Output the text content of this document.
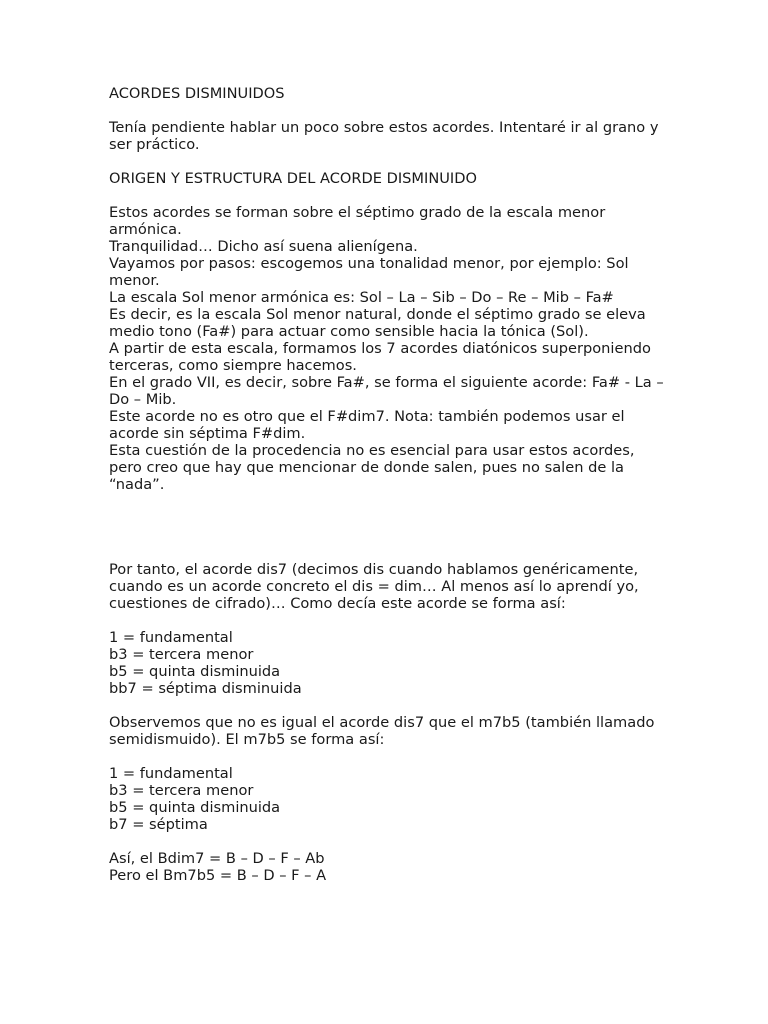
ACORDES DISMINUIDOS

Tenía pendiente hablar un poco sobre estos acordes. Intentaré ir al grano y ser práctico.

ORIGEN Y ESTRUCTURA DEL ACORDE DISMINUIDO

Estos acordes se forman sobre el séptimo grado de la escala menor armónica.

Tranquilidad… Dicho así suena alienígena.

Vayamos por pasos: escogemos una tonalidad menor, por ejemplo: Sol menor.

La escala Sol menor armónica es: Sol – La – Sib – Do – Re – Mib – Fa#

Es decir, es la escala Sol menor natural, donde el séptimo grado se eleva medio tono (Fa#) para actuar como sensible hacia la tónica (Sol).

A partir de esta escala, formamos los 7 acordes diatónicos superponiendo terceras, como siempre hacemos.

En el grado VII, es decir, sobre Fa#, se forma el siguiente acorde: Fa# - La – Do – Mib.

Este acorde no es otro que el F#dim7. Nota: también podemos usar el acorde sin séptima F#dim.

Esta cuestión de la procedencia no es esencial para usar estos acordes, pero creo que hay que mencionar de donde salen, pues no salen de la “nada”.

Por tanto, el acorde dis7 (decimos dis cuando hablamos genéricamente, cuando es un acorde concreto el dis = dim… Al menos así lo aprendí yo, cuestiones de cifrado)… Como decía este acorde se forma así:

1 = fundamental

b3 = tercera menor

b5 = quinta disminuida

bb7 = séptima disminuida

Observemos que no es igual el acorde dis7 que el m7b5 (también llamado semidismuido). El m7b5 se forma así:

1 = fundamental

b3 = tercera menor

b5 = quinta disminuida

b7 = séptima

Así, el Bdim7 = B – D – F – Ab

Pero el Bm7b5 = B – D – F – A
